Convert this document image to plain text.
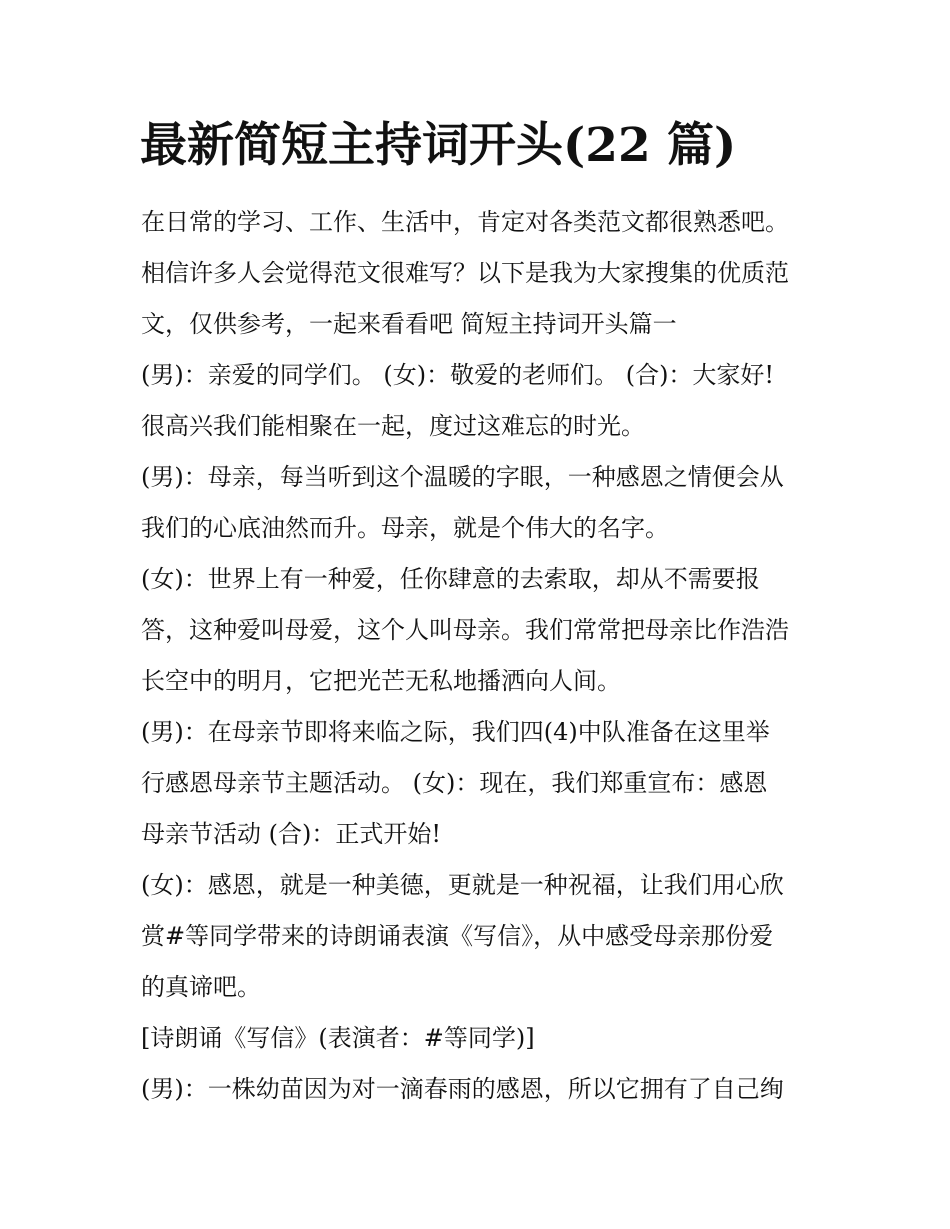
最新简短主持词开头(22 篇)
在日常的学习、工作、生活中，肯定对各类范文都很熟悉吧。
相信许多人会觉得范文很难写？以下是我为大家搜集的优质范
文，仅供参考，一起来看看吧 简短主持词开头篇一
(男)：亲爱的同学们。 (女)：敬爱的老师们。 (合)：大家好!
很高兴我们能相聚在一起，度过这难忘的时光。
(男)：母亲，每当听到这个温暖的字眼，一种感恩之情便会从
我们的心底油然而升。母亲，就是个伟大的名字。
(女)：世界上有一种爱，任你肆意的去索取，却从不需要报
答，这种爱叫母爱，这个人叫母亲。我们常常把母亲比作浩浩
长空中的明月，它把光芒无私地播洒向人间。
(男)：在母亲节即将来临之际，我们四(4)中队准备在这里举
行感恩母亲节主题活动。 (女)：现在，我们郑重宣布：感恩
母亲节活动 (合)：正式开始!
(女)：感恩，就是一种美德，更就是一种祝福，让我们用心欣
赏#等同学带来的诗朗诵表演《写信》，从中感受母亲那份爱
的真谛吧。
[诗朗诵《写信》(表演者：#等同学)]
(男)：一株幼苗因为对一滴春雨的感恩，所以它拥有了自己绚
